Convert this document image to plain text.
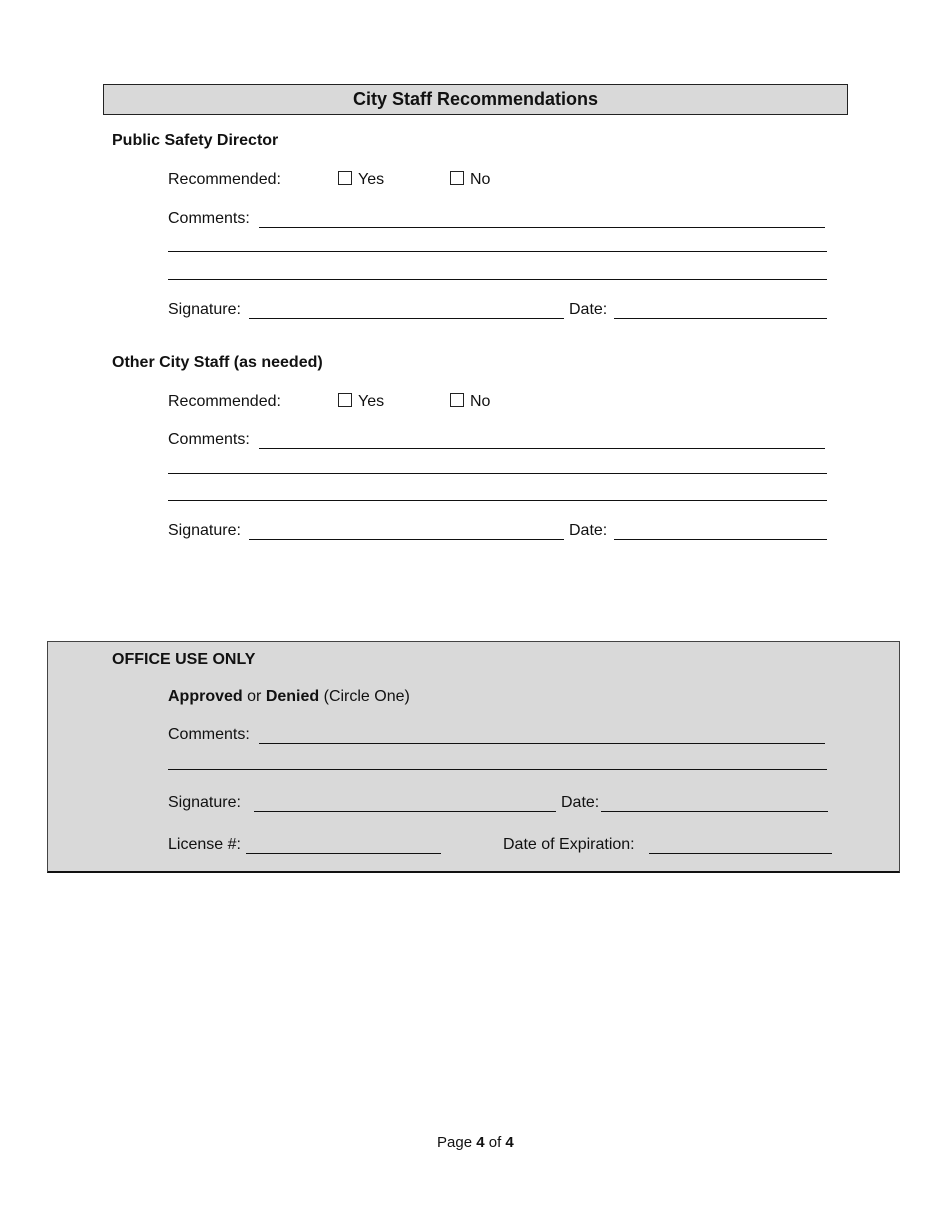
City Staff Recommendations
Public Safety Director
Recommended:	Yes	No
Comments:
Signature:	Date:
Other City Staff (as needed)
Recommended:	Yes	No
Comments:
Signature:	Date:
OFFICE USE ONLY
Approved or Denied (Circle One)
Comments:
Signature:	Date:
License #:	Date of Expiration:
Page 4 of 4
